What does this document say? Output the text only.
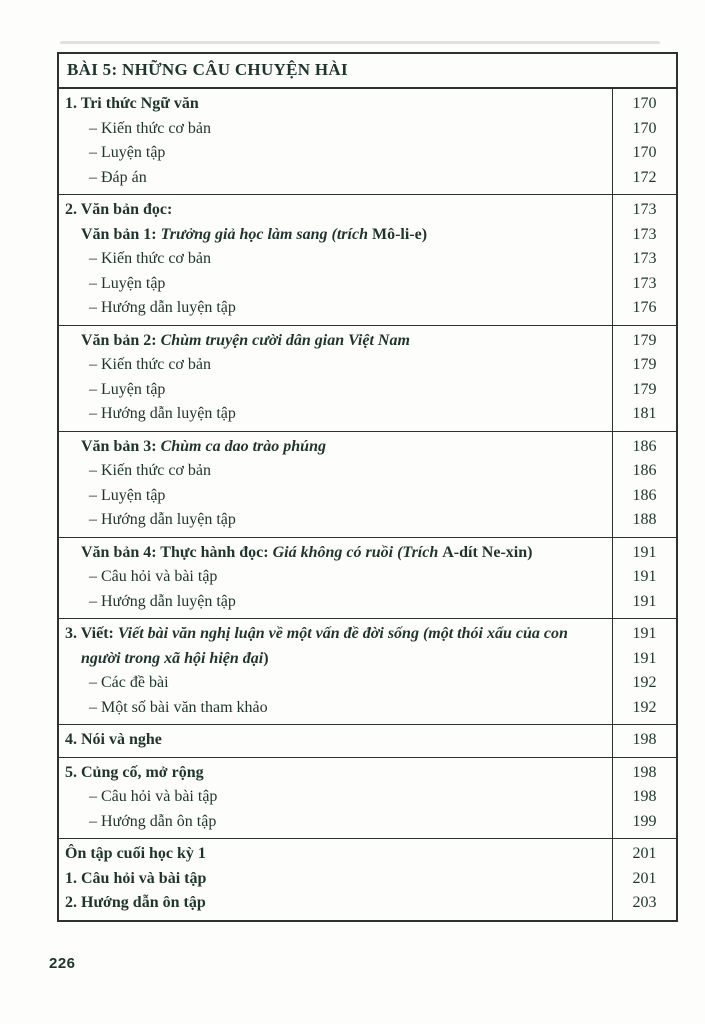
BÀI 5: NHỮNG CÂU CHUYỆN HÀI
1. Tri thức Ngữ văn
– Kiến thức cơ bản
– Luyện tập
– Đáp án
170
170
170
172
2. Văn bản đọc:
Văn bản 1: Trưởng giả học làm sang (trích Mô-li-e)
– Kiến thức cơ bản
– Luyện tập
– Hướng dẫn luyện tập
173
173
173
173
176
Văn bản 2: Chùm truyện cười dân gian Việt Nam
– Kiến thức cơ bản
– Luyện tập
– Hướng dẫn luyện tập
179
179
179
181
Văn bản 3: Chùm ca dao trào phúng
– Kiến thức cơ bản
– Luyện tập
– Hướng dẫn luyện tập
186
186
186
188
Văn bản 4: Thực hành đọc: Giá không có ruồi (Trích A-dít Ne-xin)
– Câu hỏi và bài tập
– Hướng dẫn luyện tập
191
191
191
3. Viết: Viết bài văn nghị luận về một vấn đề đời sống (một thói xấu của con
người trong xã hội hiện đại)
– Các đề bài
– Một số bài văn tham khảo
191
191
192
192
4. Nói và nghe	198
5. Củng cố, mở rộng
– Câu hỏi và bài tập
– Hướng dẫn ôn tập
198
198
199
Ôn tập cuối học kỳ 1
1. Câu hỏi và bài tập
2. Hướng dẫn ôn tập
201
201
203
226
